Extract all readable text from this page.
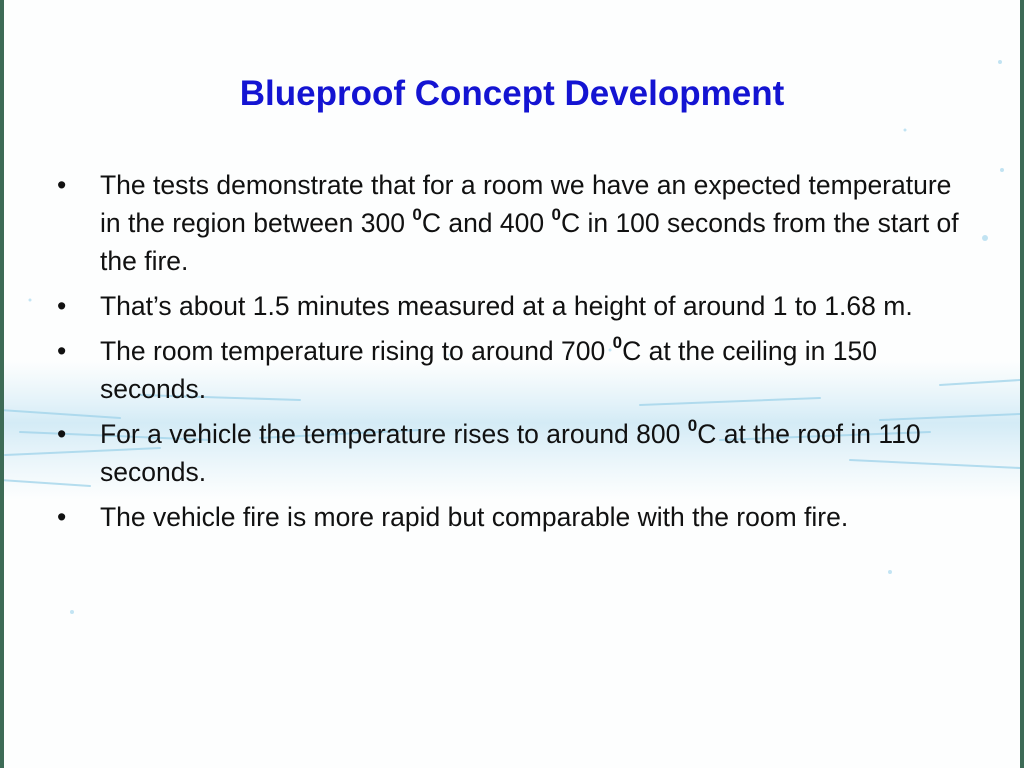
Blueproof Concept Development
• The tests demonstrate that for a room we have an expected temperature in the region between 300 $^0$C and 400 $^0$C in 100 seconds from the start of the fire.
• That’s about 1.5 minutes measured at a height of around 1 to 1.68 m.
• The room temperature rising to around 700 $^0$C at the ceiling in 150 seconds.
• For a vehicle the temperature rises to around 800 $^0$C at the roof in 110 seconds.
• The vehicle fire is more rapid but comparable with the room fire.
